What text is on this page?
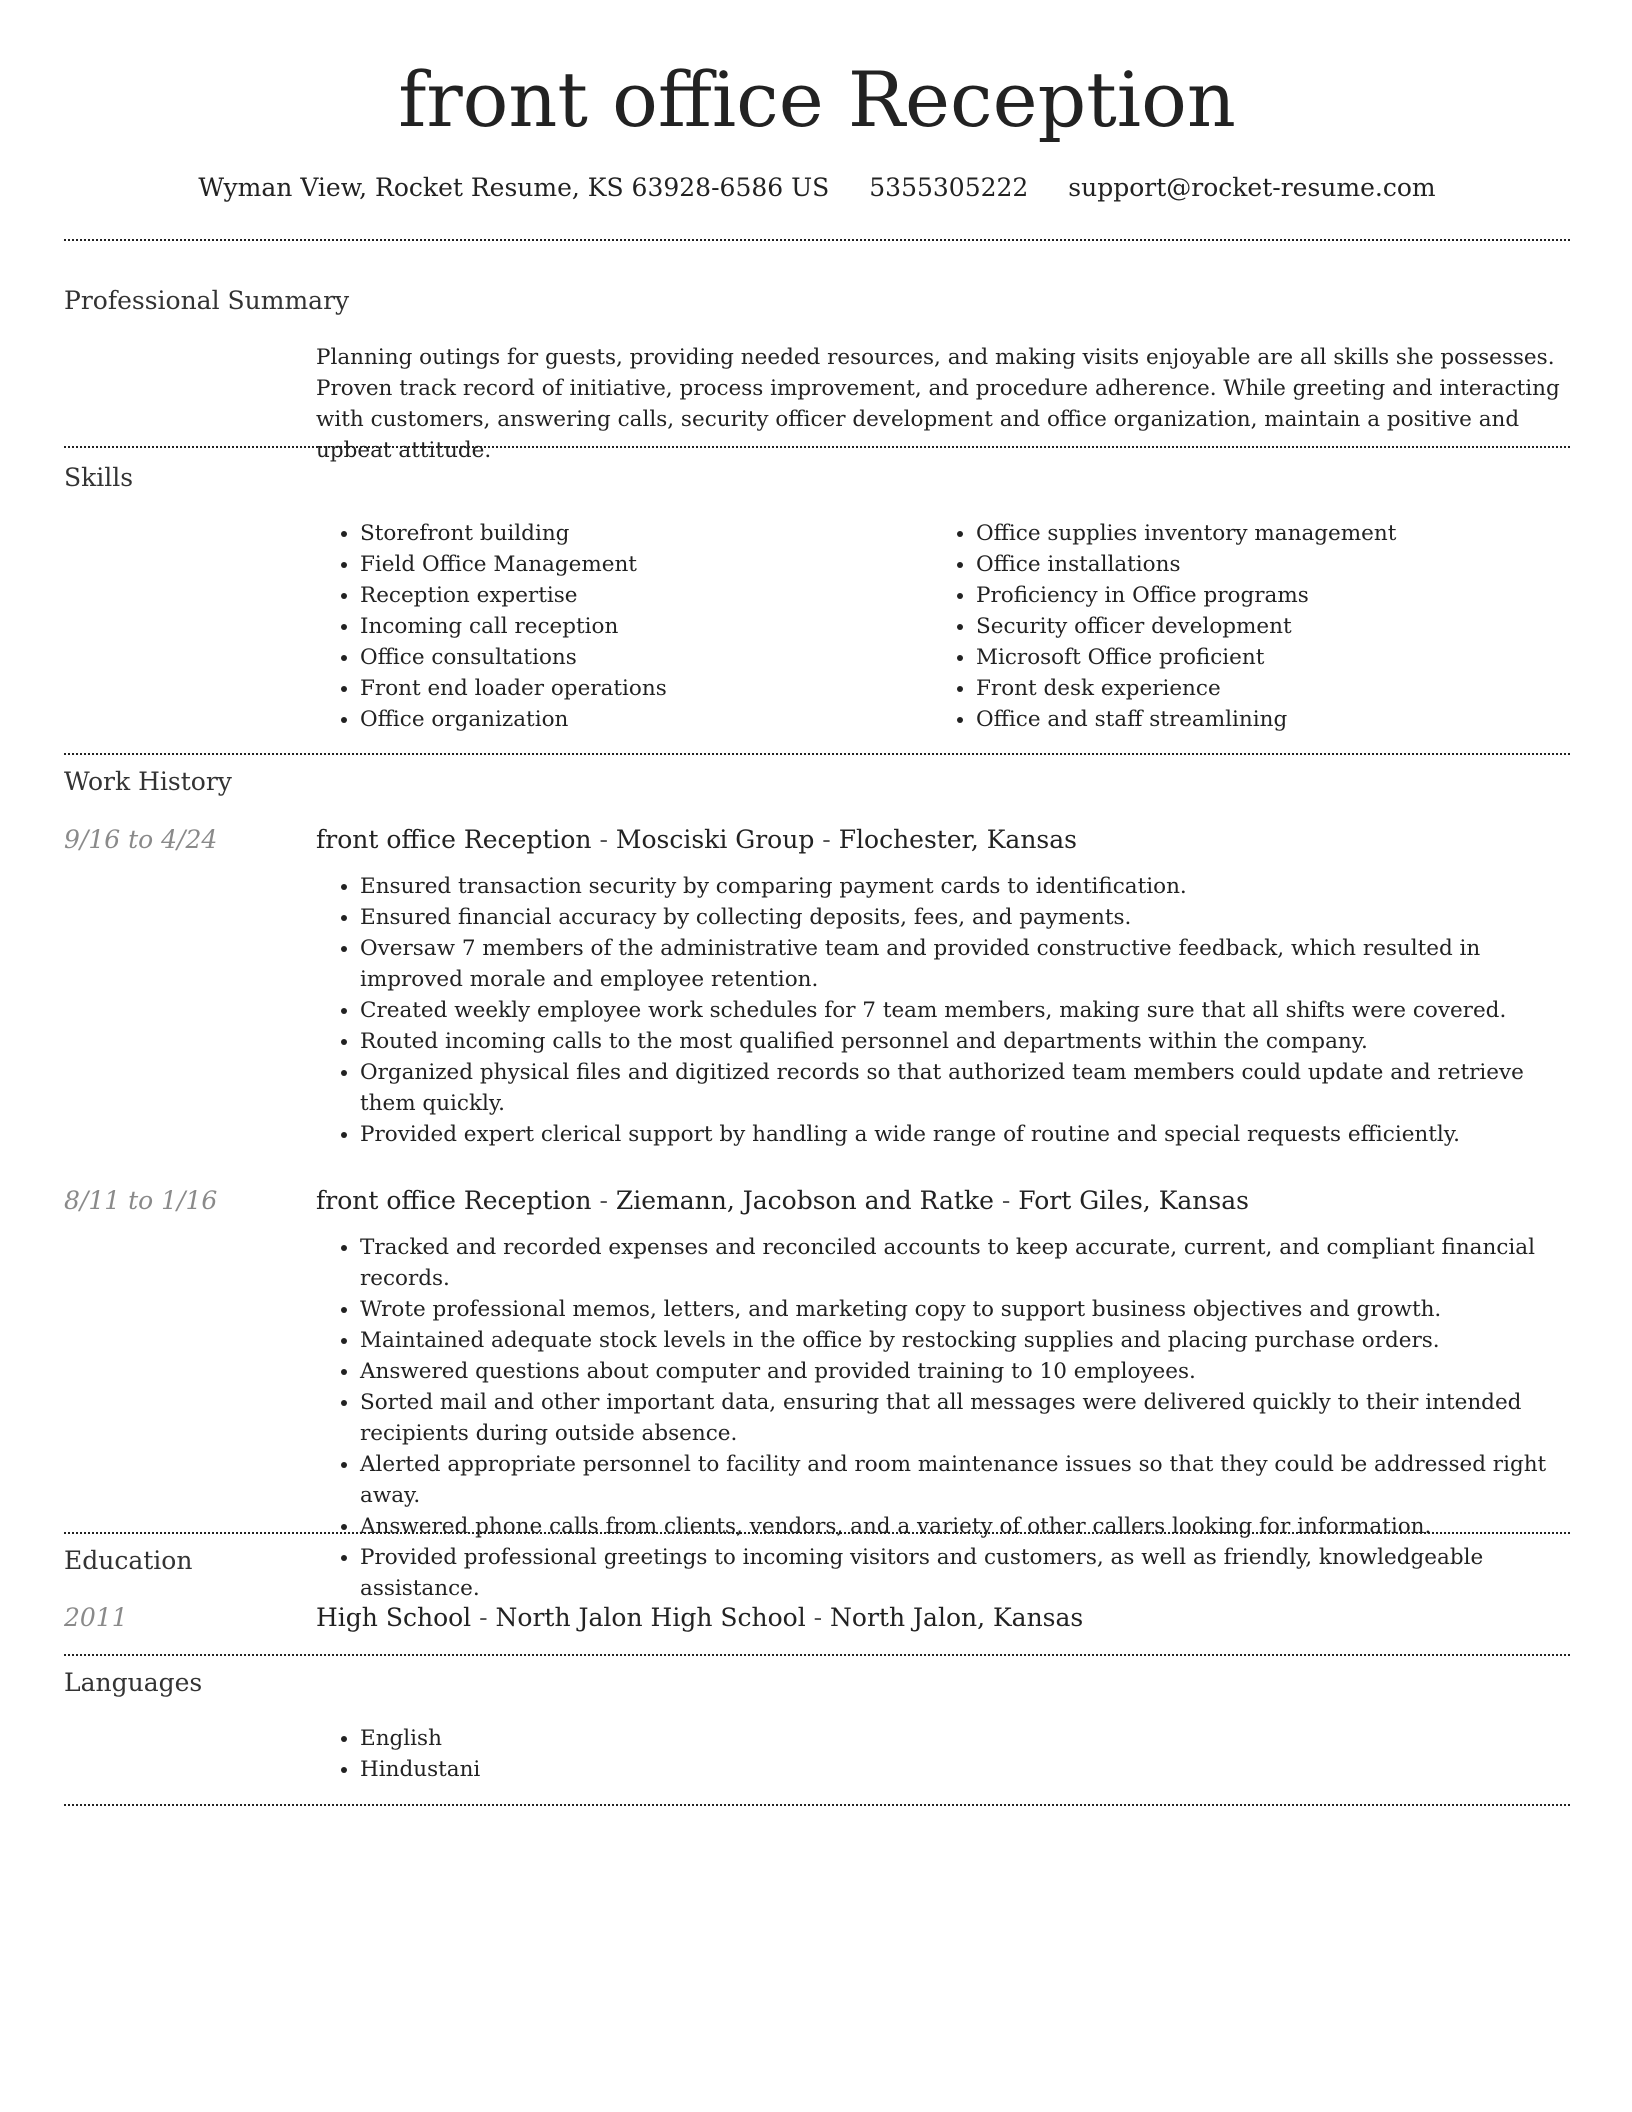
front office Reception
Wyman View, Rocket Resume, KS 63928-6586 US 5355305222 support@rocket-resume.com
Professional Summary

Planning outings for guests, providing needed resources, and making visits enjoyable are all skills she possesses. Proven track record of initiative, process improvement, and procedure adherence. While greeting and interacting with customers, answering calls, security officer development and office organization, maintain a positive and upbeat attitude.

Skills
• Storefront building
• Field Office Management
• Reception expertise
• Incoming call reception
• Office consultations
• Front end loader operations
• Office organization
• Office supplies inventory management
• Office installations
• Proficiency in Office programs
• Security officer development
• Microsoft Office proficient
• Front desk experience
• Office and staff streamlining
Work History
9/16 to 4/24	front office Reception - Mosciski Group - Flochester, Kansas
• Ensured transaction security by comparing payment cards to identification.
• Ensured financial accuracy by collecting deposits, fees, and payments.
• Oversaw 7 members of the administrative team and provided constructive feedback, which resulted in improved morale and employee retention.
• Created weekly employee work schedules for 7 team members, making sure that all shifts were covered.
• Routed incoming calls to the most qualified personnel and departments within the company.
• Organized physical files and digitized records so that authorized team members could update and retrieve them quickly.
• Provided expert clerical support by handling a wide range of routine and special requests efficiently.
8/11 to 1/16	front office Reception - Ziemann, Jacobson and Ratke - Fort Giles, Kansas
• Tracked and recorded expenses and reconciled accounts to keep accurate, current, and compliant financial records.
• Wrote professional memos, letters, and marketing copy to support business objectives and growth.
• Maintained adequate stock levels in the office by restocking supplies and placing purchase orders.
• Answered questions about computer and provided training to 10 employees.
• Sorted mail and other important data, ensuring that all messages were delivered quickly to their intended recipients during outside absence.
• Alerted appropriate personnel to facility and room maintenance issues so that they could be addressed right away.
• Answered phone calls from clients, vendors, and a variety of other callers looking for information.
• Provided professional greetings to incoming visitors and customers, as well as friendly, knowledgeable assistance.
Education
2011	High School - North Jalon High School - North Jalon, Kansas
Languages
• English
• Hindustani
